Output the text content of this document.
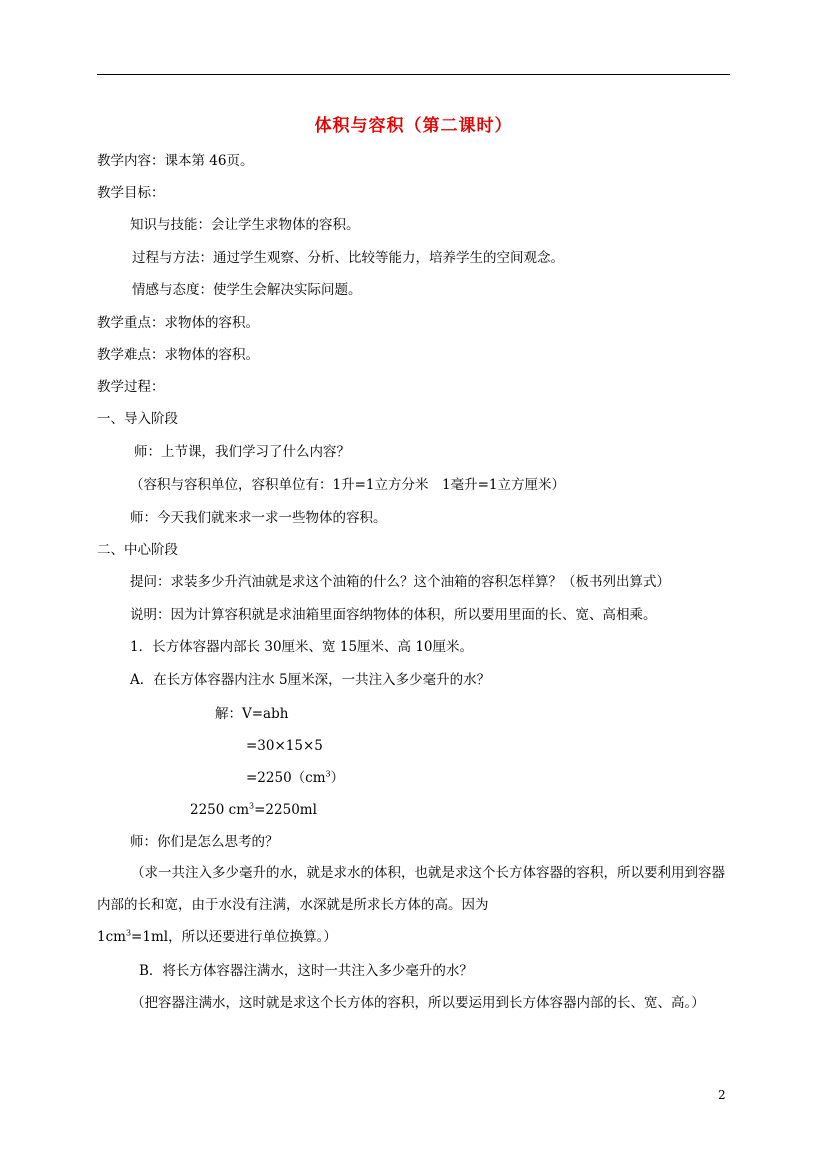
体积与容积（第二课时）
教学内容：课本第 46页。
教学目标：
知识与技能：会让学生求物体的容积。
过程与方法：通过学生观察、分析、比较等能力，培养学生的空间观念。
情感与态度：使学生会解决实际问题。
教学重点：求物体的容积。
教学难点：求物体的容积。
教学过程：
一、导入阶段
师：上节课，我们学习了什么内容？
（容积与容积单位，容积单位有：1升=1立方分米　1毫升=1立方厘米）
师：今天我们就来求一求一些物体的容积。
二、中心阶段
提问：求装多少升汽油就是求这个油箱的什么？这个油箱的容积怎样算？（板书列出算式）
说明：因为计算容积就是求油箱里面容纳物体的体积，所以要用里面的长、宽、高相乘。
1．长方体容器内部长 30厘米、宽 15厘米、高 10厘米。
A．在长方体容器内注水 5厘米深，一共注入多少毫升的水？
解：V=abh
=30×15×5
$=2250(cm^3)$
2250 $cm^3=2250ml$
师：你们是怎么思考的？
（求一共注入多少毫升的水，就是求水的体积，也就是求这个长方体容器的容积，所以要利用到容器内部的长和宽，由于水没有注满，水深就是所求长方体的高。因为 $1cm^3=1ml$，所以还要进行单位换算。）
B．将长方体容器注满水，这时一共注入多少毫升的水？
（把容器注满水，这时就是求这个长方体的容积，所以要运用到长方体容器内部的长、宽、高。）
2
